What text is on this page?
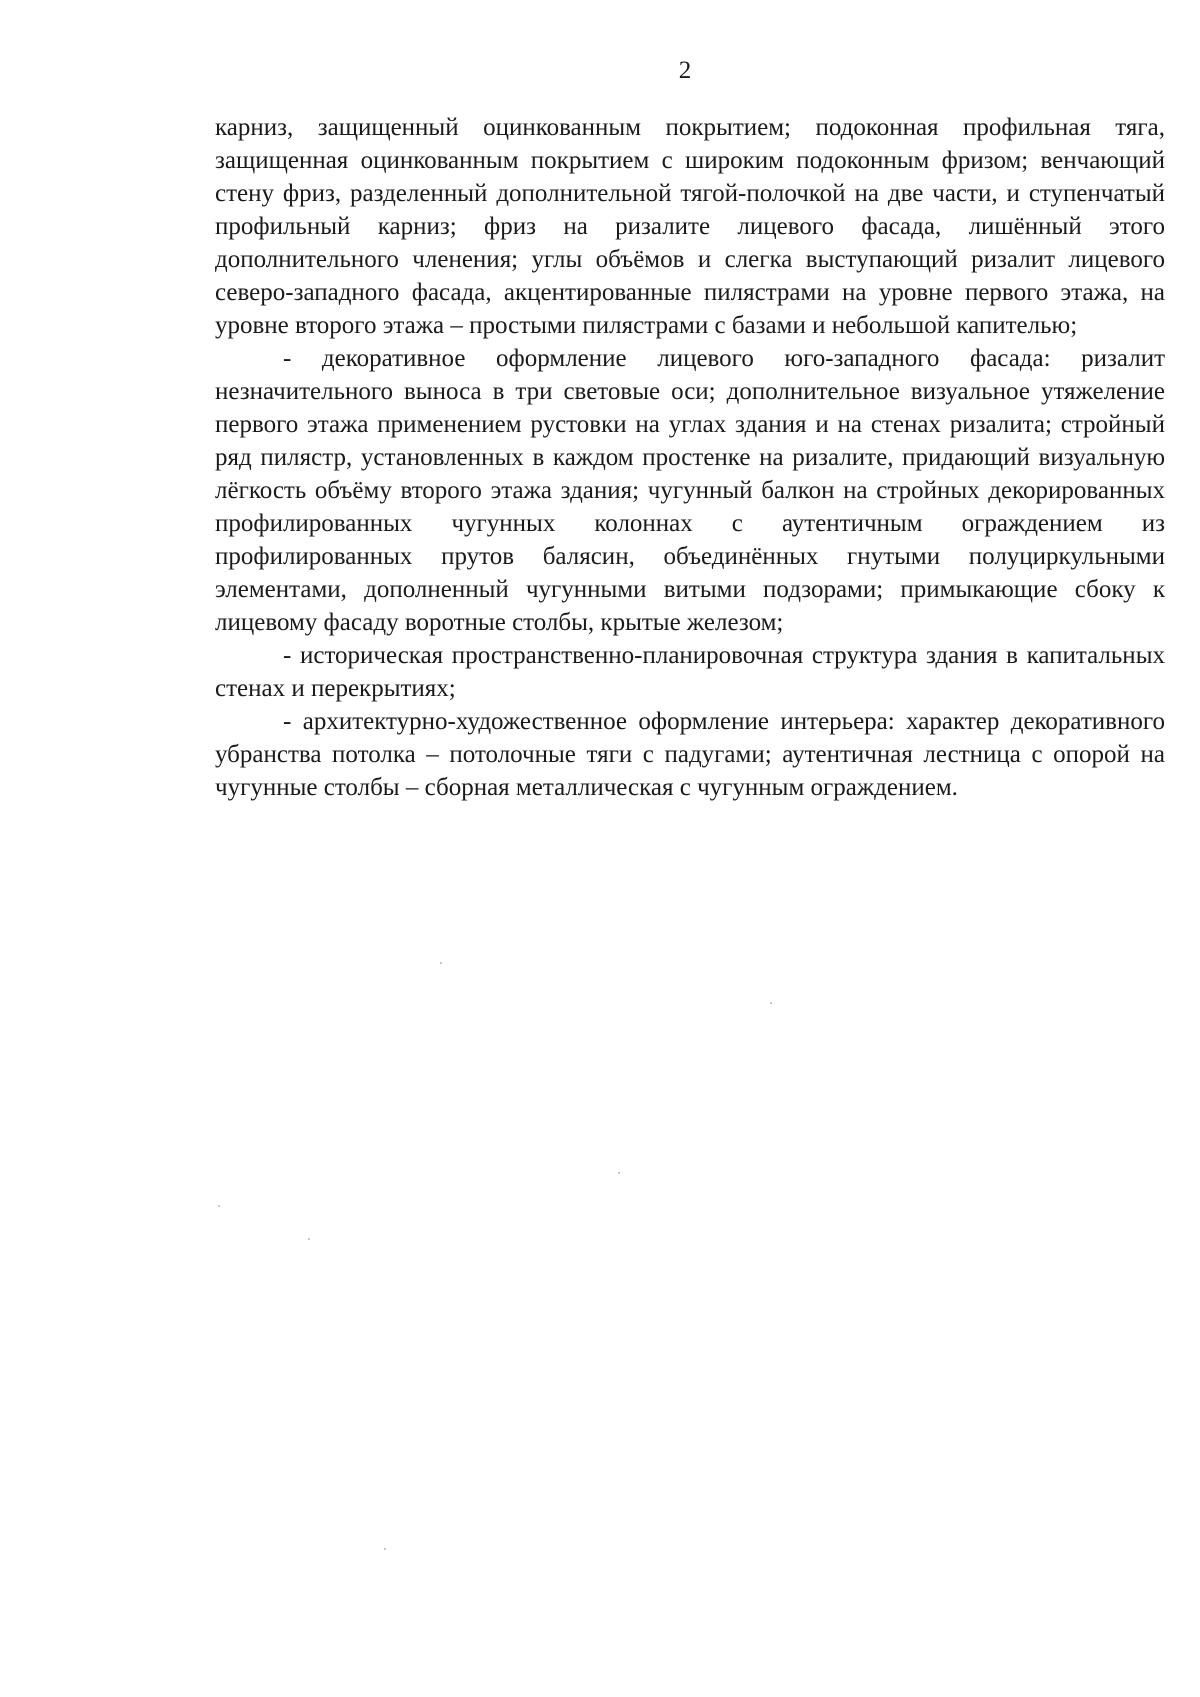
2

карниз, защищенный оцинкованным покрытием; подоконная профильная тяга, защищенная оцинкованным покрытием с широким подоконным фризом; венчающий стену фриз, разделенный дополнительной тягой-полочкой на две части, и ступенчатый профильный карниз; фриз на ризалите лицевого фасада, лишённый этого дополнительного членения; углы объёмов и слегка выступающий ризалит лицевого северо-западного фасада, акцентированные пилястрами на уровне первого этажа, на уровне второго этажа – простыми пилястрами с базами и небольшой капителью;

- декоративное оформление лицевого юго-западного фасада: ризалит незначительного выноса в три световые оси; дополнительное визуальное утяжеление первого этажа применением рустовки на углах здания и на стенах ризалита; стройный ряд пилястр, установленных в каждом простенке на ризалите, придающий визуальную лёгкость объёму второго этажа здания; чугунный балкон на стройных декорированных профилированных чугунных колоннах с аутентичным ограждением из профилированных прутов балясин, объединённых гнутыми полуциркульными элементами, дополненный чугунными витыми подзорами; примыкающие сбоку к лицевому фасаду воротные столбы, крытые железом;

- историческая пространственно-планировочная структура здания в капитальных стенах и перекрытиях;

- архитектурно-художественное оформление интерьера: характер декоративного убранства потолка – потолочные тяги с падугами; аутентичная лестница с опорой на чугунные столбы – сборная металлическая с чугунным ограждением.
